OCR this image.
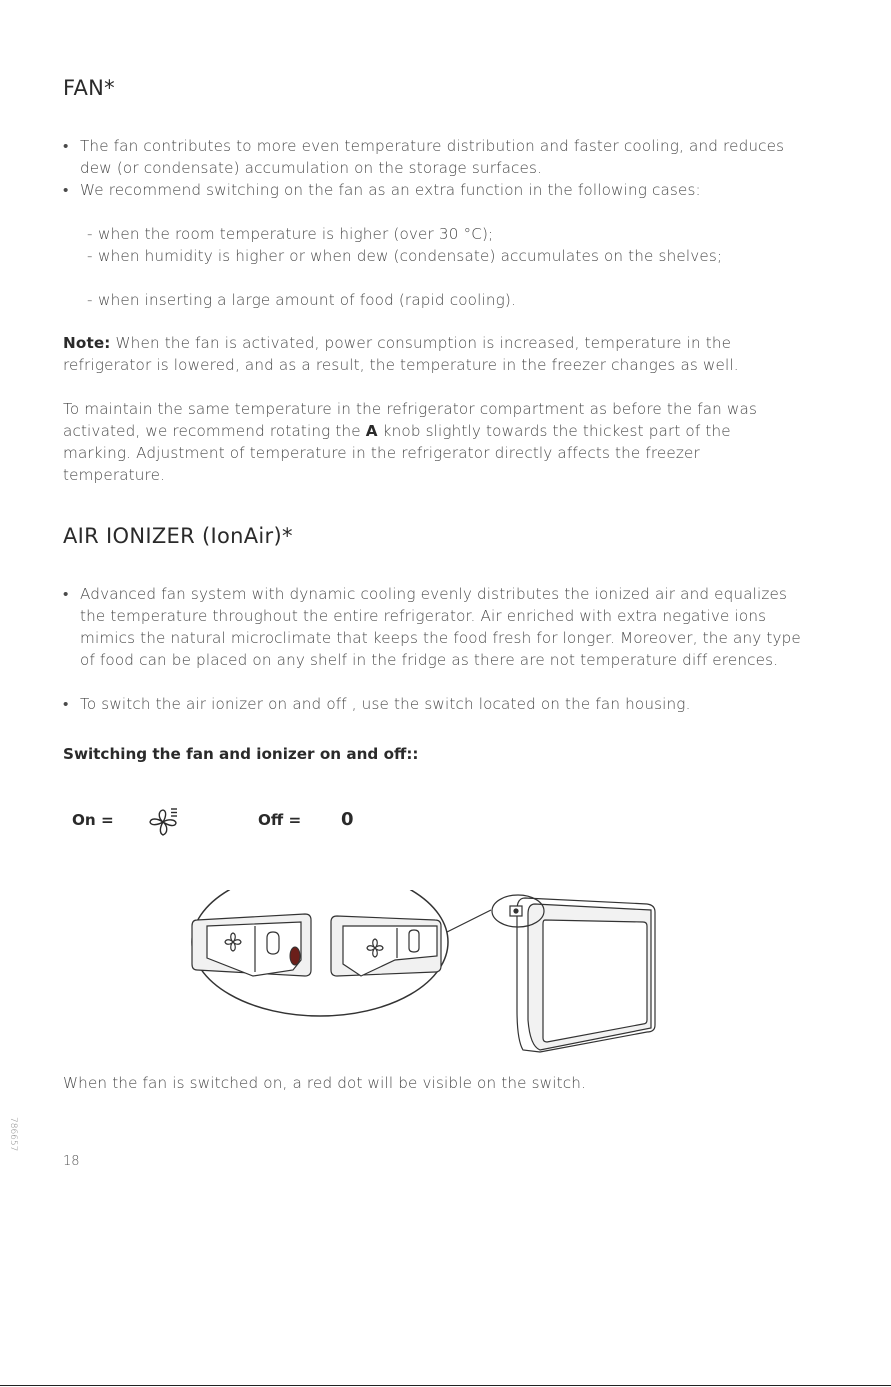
FAN*
• The fan contributes to more even temperature distribution and faster cooling, and reduces dew (or condensate) accumulation on the storage surfaces.
• We recommend switching on the fan as an extra function in the following cases:
- when the room temperature is higher (over 30 °C);
- when humidity is higher or when dew (condensate) accumulates on the shelves;
- when inserting a large amount of food (rapid cooling).

Note: When the fan is activated, power consumption is increased, temperature in the refrigerator is lowered, and as a result, the temperature in the freezer changes as well.

To maintain the same temperature in the refrigerator compartment as before the fan was activated, we recommend rotating the A knob slightly towards the thickest part of the marking. Adjustment of temperature in the refrigerator directly affects the freezer temperature.

AIR IONIZER (IonAir)*
• Advanced fan system with dynamic cooling evenly distributes the ionized air and equalizes the temperature throughout the entire refrigerator. Air enriched with extra negative ions mimics the natural microclimate that keeps the food fresh for longer. Moreover, the any type of food can be placed on any shelf in the fridge as there are not temperature diff erences.
• To switch the air ionizer on and off , use the switch located on the fan housing.
Switching the fan and ionizer on and off::
On =	Off = 0
When the fan is switched on, a red dot will be visible on the switch.
786657
18
